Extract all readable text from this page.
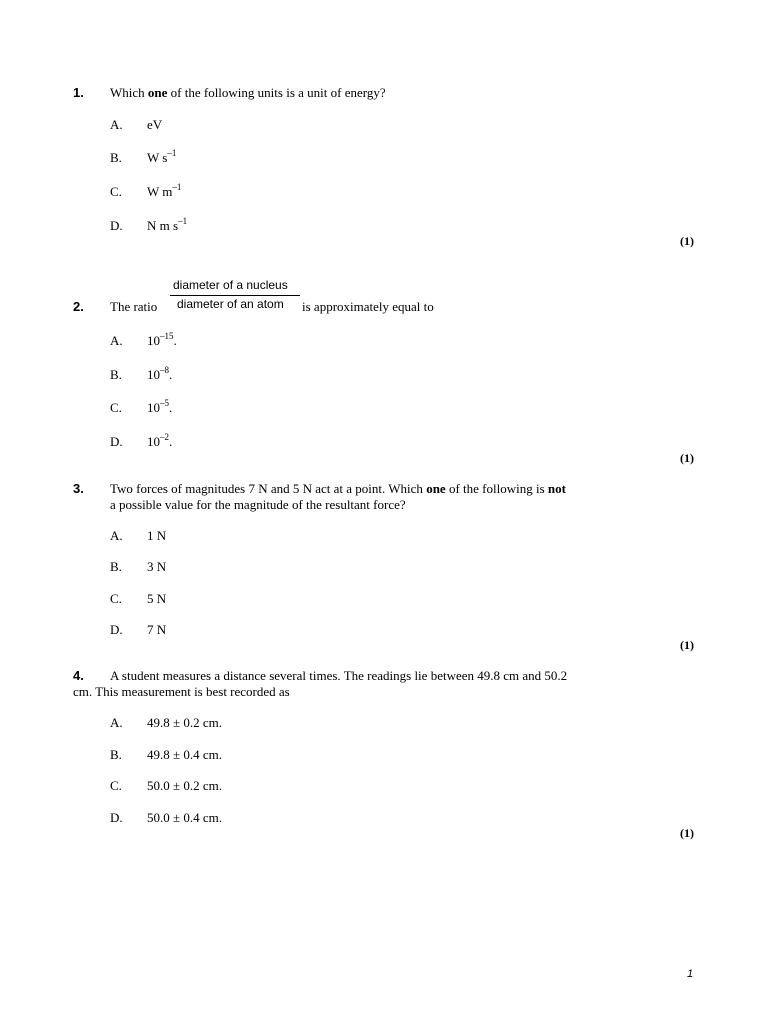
1. Which one of the following units is a unit of energy?
A. eV
B. W $s^{-1}$
C. W $m^{-1}$
D. N m $s^{-1}$
(1)
diameter of a nucleus
diameter of an atom
2. The ratio	is approximately equal to
A. $10^{-15}$.
B. $10^{-8}$.
C. $10^{-5}$.
D. $10^{-2}$.
(1)
3. Two forces of magnitudes 7 N and 5 N act at a point. Which one of the following is not
a possible value for the magnitude of the resultant force?
A. 1 N
B. 3 N
C. 5 N
D. 7 N
(1)
4. A student measures a distance several times. The readings lie between 49.8 cm and 50.2
cm. This measurement is best recorded as
A. 49.8 ± 0.2 cm.
B. 49.8 ± 0.4 cm.
C. 50.0 ± 0.2 cm.
D. 50.0 ± 0.4 cm.
(1)
1
